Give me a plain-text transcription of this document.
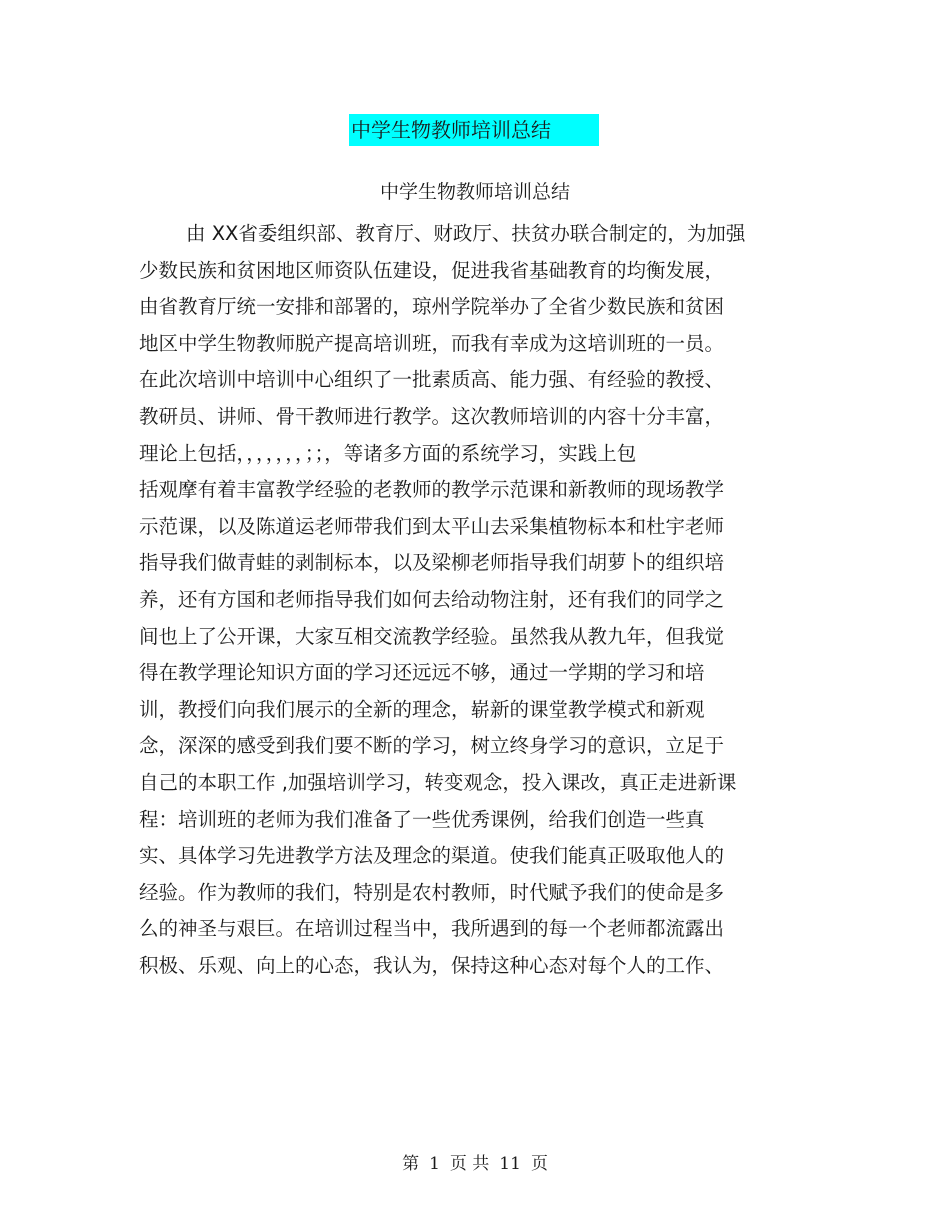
中学生物教师培训总结
中学生物教师培训总结
由 XX省委组织部、教育厅、财政厅、扶贫办联合制定的，为加强
少数民族和贫困地区师资队伍建设，促进我省基础教育的均衡发展，
由省教育厅统一安排和部署的，琼州学院举办了全省少数民族和贫困
地区中学生物教师脱产提高培训班，而我有幸成为这培训班的一员。
在此次培训中培训中心组织了一批素质高、能力强、有经验的教授、
教研员、讲师、骨干教师进行教学。这次教师培训的内容十分丰富，
理论上包括，，，，，，，；；，等诸多方面的系统学习，实践上包
括观摩有着丰富教学经验的老教师的教学示范课和新教师的现场教学
示范课，以及陈道运老师带我们到太平山去采集植物标本和杜宇老师
指导我们做青蛙的剥制标本，以及梁柳老师指导我们胡萝卜的组织培
养，还有方国和老师指导我们如何去给动物注射，还有我们的同学之
间也上了公开课，大家互相交流教学经验。虽然我从教九年，但我觉
得在教学理论知识方面的学习还远远不够，通过一学期的学习和培
训，教授们向我们展示的全新的理念，崭新的课堂教学模式和新观
念，深深的感受到我们要不断的学习，树立终身学习的意识，立足于
自己的本职工作 ,加强培训学习，转变观念，投入课改，真正走进新课
程：培训班的老师为我们准备了一些优秀课例，给我们创造一些真
实、具体学习先进教学方法及理念的渠道。使我们能真正吸取他人的
经验。作为教师的我们，特别是农村教师，时代赋予我们的使命是多
么的神圣与艰巨。在培训过程当中，我所遇到的每一个老师都流露出
积极、乐观、向上的心态，我认为，保持这种心态对每个人的工作、
第 1 页 共 11 页
